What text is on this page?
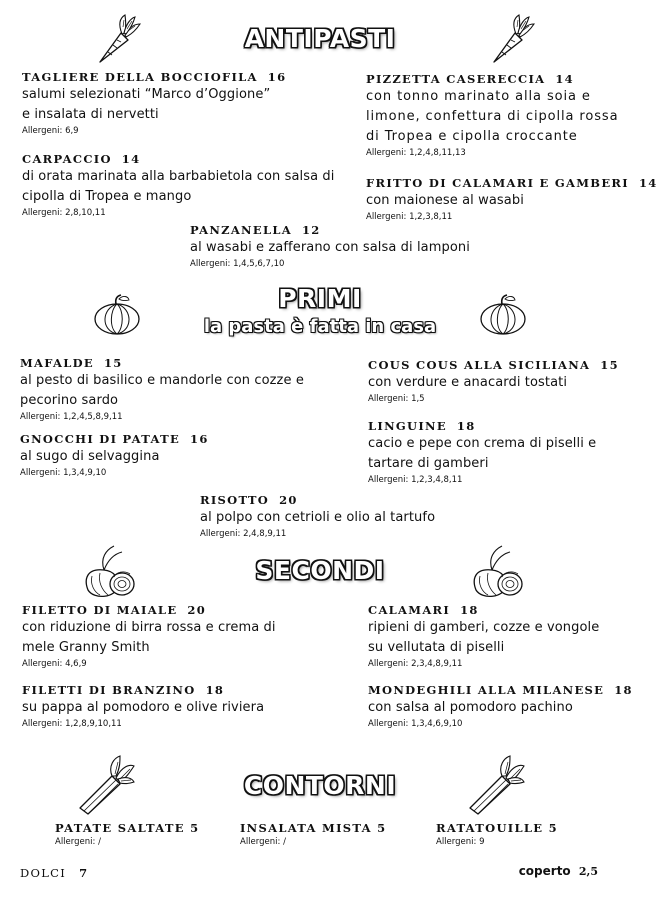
ANTIPASTI
TAGLIERE DELLA BOCCIOFILA 16
salumi selezionati “Marco d’Oggione” e insalata di nervetti
Allergeni: 6,9
CARPACCIO 14
di orata marinata alla barbabietola con salsa di cipolla di Tropea e mango
Allergeni: 2,8,10,11
PIZZETTA CASERECCIA 14
con tonno marinato alla soia e limone, confettura di cipolla rossa di Tropea e cipolla croccante
Allergeni: 1,2,4,8,11,13
FRITTO DI CALAMARI E GAMBERI 14
con maionese al wasabi
Allergeni: 1,2,3,8,11
PANZANELLA 12
al wasabi e zafferano con salsa di lamponi
Allergeni: 1,4,5,6,7,10
PRIMI
la pasta è fatta in casa
MAFALDE 15
al pesto di basilico e mandorle con cozze e pecorino sardo
Allergeni: 1,2,4,5,8,9,11
GNOCCHI DI PATATE 16
al sugo di selvaggina
Allergeni: 1,3,4,9,10
COUS COUS ALLA SICILIANA 15
con verdure e anacardi tostati
Allergeni: 1,5
LINGUINE 18
cacio e pepe con crema di piselli e tartare di gamberi
Allergeni: 1,2,3,4,8,11
RISOTTO 20
al polpo con cetrioli e olio al tartufo
Allergeni: 2,4,8,9,11
SECONDI
FILETTO DI MAIALE 20
con riduzione di birra rossa e crema di mele Granny Smith
Allergeni: 4,6,9
FILETTI DI BRANZINO 18
su pappa al pomodoro e olive riviera
Allergeni: 1,2,8,9,10,11
CALAMARI 18
ripieni di gamberi, cozze e vongole su vellutata di piselli
Allergeni: 2,3,4,8,9,11
MONDEGHILI ALLA MILANESE 18
con salsa al pomodoro pachino
Allergeni: 1,3,4,6,9,10
CONTORNI
PATATE SALTATE 5
Allergeni: /
INSALATA MISTA 5
Allergeni: /
RATATOUILLE 5
Allergeni: 9
DOLCI 7	coperto 2,5
